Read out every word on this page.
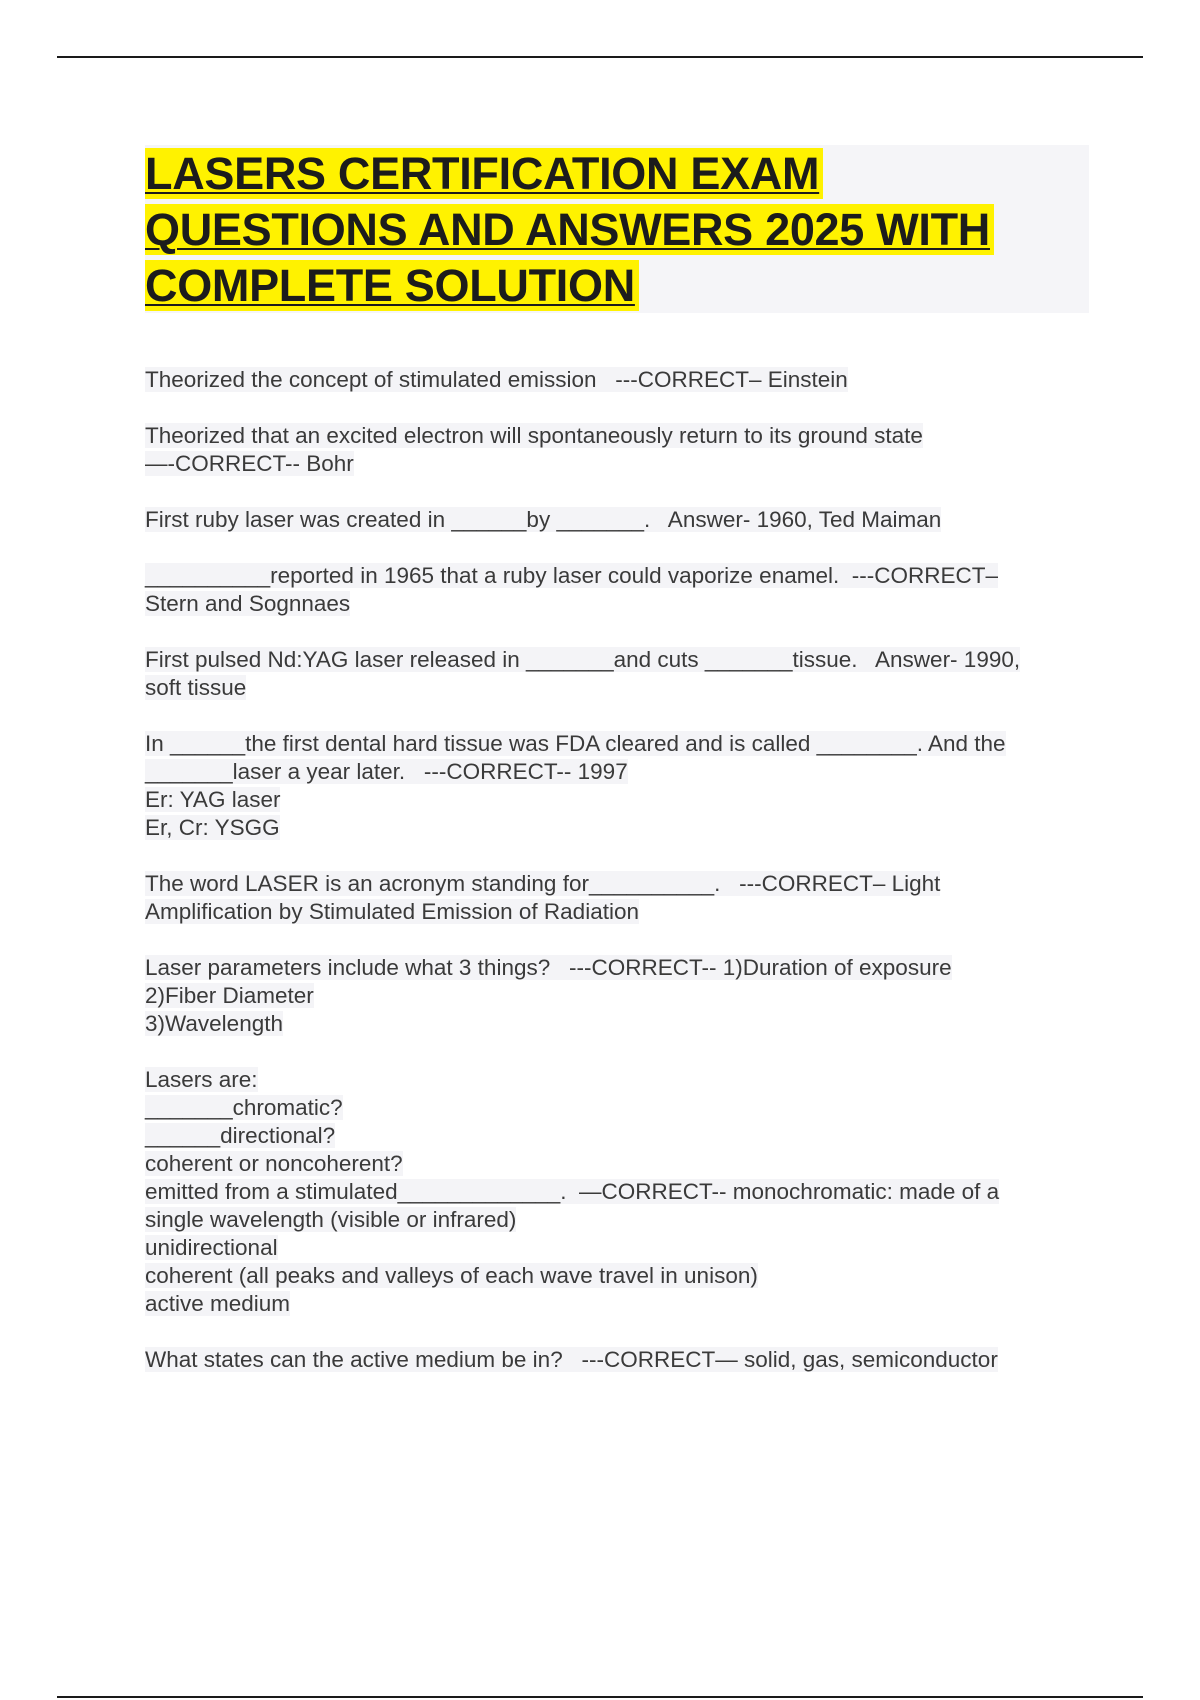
LASERS CERTIFICATION EXAM
QUESTIONS AND ANSWERS 2025 WITH
COMPLETE SOLUTION
Theorized the concept of stimulated emission   ---CORRECT– Einstein
Theorized that an excited electron will spontaneously return to its ground state
—-CORRECT-- Bohr
First ruby laser was created in ______by _______.   Answer- 1960, Ted Maiman
__________reported in 1965 that a ruby laser could vaporize enamel.  ---CORRECT–
Stern and Sognnaes
First pulsed Nd:YAG laser released in _______and cuts _______tissue.   Answer- 1990,
soft tissue
In ______the first dental hard tissue was FDA cleared and is called ________. And the
_______laser a year later.   ---CORRECT-- 1997
Er: YAG laser
Er, Cr: YSGG
The word LASER is an acronym standing for__________.   ---CORRECT– Light
Amplification by Stimulated Emission of Radiation
Laser parameters include what 3 things?   ---CORRECT-- 1)Duration of exposure
2)Fiber Diameter
3)Wavelength
Lasers are:
_______chromatic?
______directional?
coherent or noncoherent?
emitted from a stimulated_____________.  —CORRECT-- monochromatic: made of a
single wavelength (visible or infrared)
unidirectional
coherent (all peaks and valleys of each wave travel in unison)
active medium
What states can the active medium be in?   ---CORRECT— solid, gas, semiconductor
